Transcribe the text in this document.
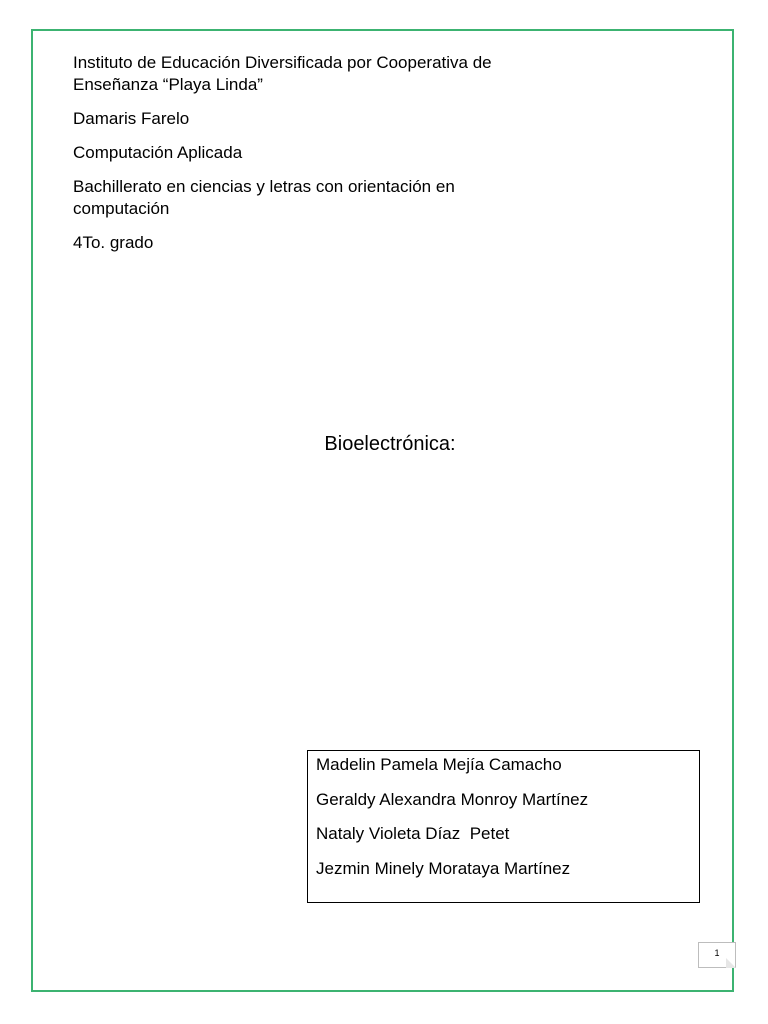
Instituto de Educación Diversificada por Cooperativa de Enseñanza “Playa Linda”

Damaris Farelo

Computación Aplicada

Bachillerato en ciencias y letras con orientación en computación

4To. grado

Bioelectrónica:

Madelin Pamela Mejía Camacho

Geraldy Alexandra Monroy Martínez

Nataly Violeta Díaz  Petet

Jezmin Minely Morataya Martínez

1
